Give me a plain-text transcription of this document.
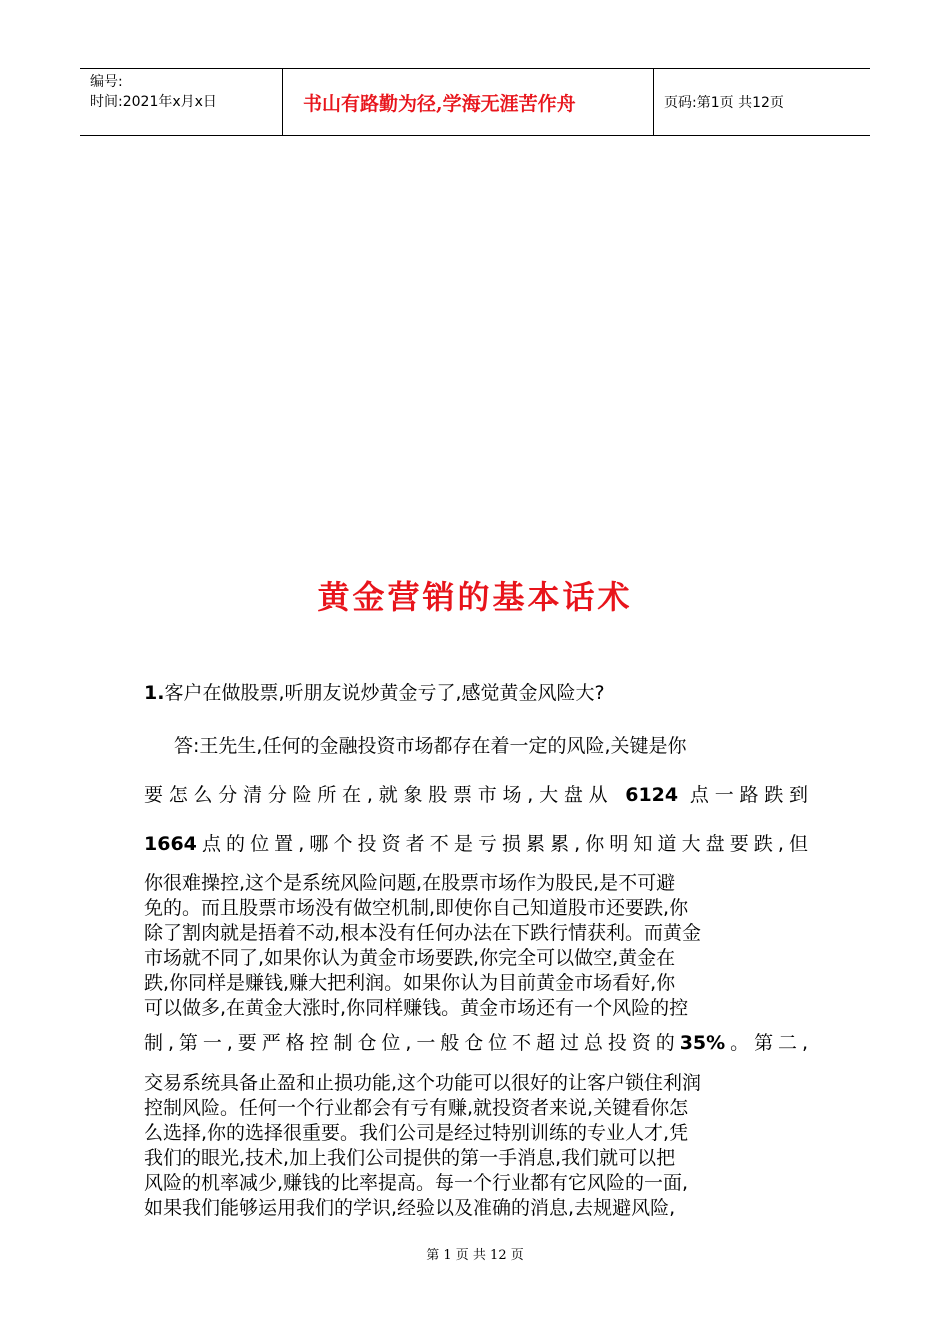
编号:
时间:2021年x月x日	书山有路勤为径,学海无涯苦作舟	页码:第1页 共12页
黄金营销的基本话术
1.客户在做股票,听朋友说炒黄金亏了,感觉黄金风险大?
答:王先生,任何的金融投资市场都存在着一定的风险,关键是你
要怎么分清分险所在,就象股票市场,大盘从 6124 点一路跌到
1664点的位置,哪个投资者不是亏损累累,你明知道大盘要跌,但
你很难操控,这个是系统风险问题,在股票市场作为股民,是不可避
免的。而且股票市场没有做空机制,即使你自己知道股市还要跌,你
除了割肉就是捂着不动,根本没有任何办法在下跌行情获利。而黄金
市场就不同了,如果你认为黄金市场要跌,你完全可以做空,黄金在
跌,你同样是赚钱,赚大把利润。如果你认为目前黄金市场看好,你
可以做多,在黄金大涨时,你同样赚钱。黄金市场还有一个风险的控
制,第一,要严格控制仓位,一般仓位不超过总投资的35%。第二,
交易系统具备止盈和止损功能,这个功能可以很好的让客户锁住利润
控制风险。任何一个行业都会有亏有赚,就投资者来说,关键看你怎
么选择,你的选择很重要。我们公司是经过特别训练的专业人才,凭
我们的眼光,技术,加上我们公司提供的第一手消息,我们就可以把
风险的机率减少,赚钱的比率提高。每一个行业都有它风险的一面,
如果我们能够运用我们的学识,经验以及准确的消息,去规避风险,
第 1 页 共 12 页
